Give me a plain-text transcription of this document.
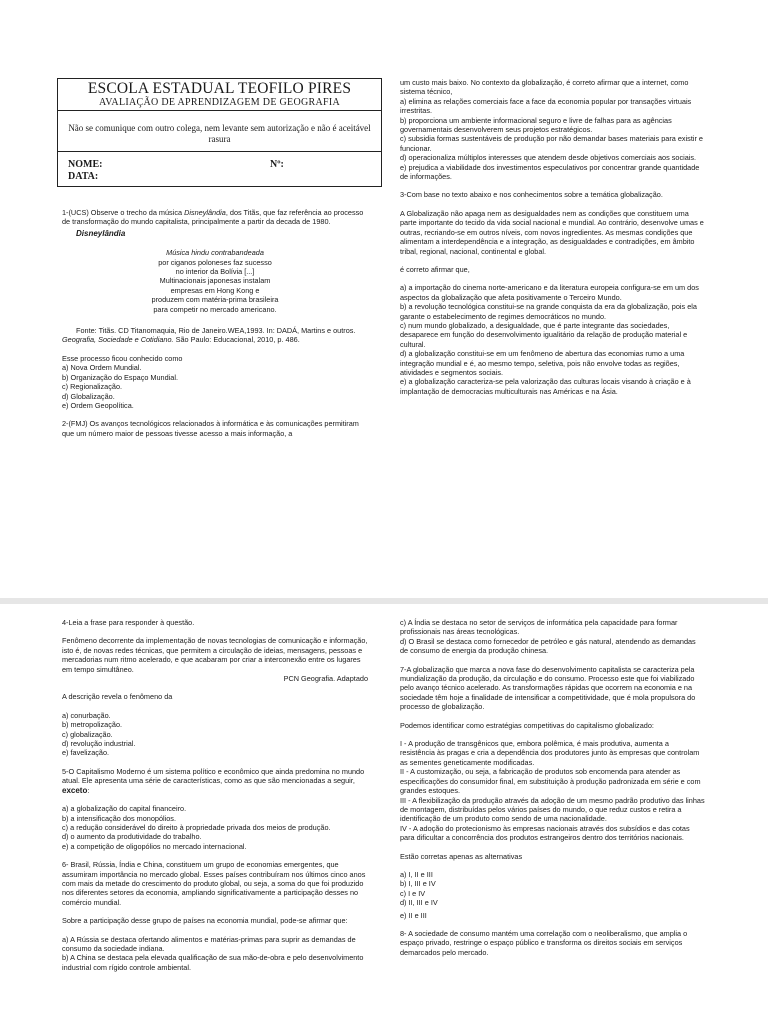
ESCOLA ESTADUAL TEOFILO PIRES
AVALIAÇÃO DE APRENDIZAGEM DE GEOGRAFIA
Não se comunique com outro colega, nem levante sem autorização e não é aceitável rasura
NOME:
DATA:
Nº:

1-(UCS) Observe o trecho da música Disneylândia, dos Titãs, que faz referência ao processo de transformação do mundo capitalista, principalmente a partir da decada de 1980.

Disneylândia
Música hindu contrabandeada
por ciganos poloneses faz sucesso
no interior da Bolívia [...]
Multinacionais japonesas instalam
empresas em Hong Kong e
produzem com matéria-prima brasileira
para competir no mercado americano.

Fonte: Titãs. CD Titanomaquia, Rio de Janeiro.WEA,1993. In: DADÁ, Martins e outros. Geografia, Sociedade e Cotidiano. São Paulo: Educacional, 2010, p. 486.

Esse processo ficou conhecido como
a) Nova Ordem Mundial.
b) Organização do Espaço Mundial.
c) Regionalização.
d) Globalização.
e) Ordem Geopolítica.
2-(FMJ) Os avanços tecnológicos relacionados à informática e às comunicações permitiram que um número maior de pessoas tivesse acesso a mais informação, a
um custo mais baixo. No contexto da globalização, é correto afirmar que a internet, como sistema técnico,
a) elimina as relações comerciais face a face da economia popular por transações virtuais irrestritas.
b) proporciona um ambiente informacional seguro e livre de falhas para as agências governamentais desenvolverem seus projetos estratégicos.
c) subsidia formas sustentáveis de produção por não demandar bases materiais para existir e funcionar.
d) operacionaliza múltiplos interesses que atendem desde objetivos comerciais aos sociais.
e) prejudica a viabilidade dos investimentos especulativos por concentrar grande quantidade de informações.

3-Com base no texto abaixo e nos conhecimentos sobre a temática globalização.

A Globalização não apaga nem as desigualdades nem as condições que constituem uma parte importante do tecido da vida social nacional e mundial. Ao contrário, desenvolve umas e outras, recriando-se em outros níveis, com novos ingredientes. As mesmas condições que alimentam a interdependência e a integração, as desigualdades e contradições, em âmbito tribal, regional, nacional, continental e global.

é correto afirmar que,

a) a importação do cinema norte-americano e da literatura europeia configura-se em um dos aspectos da globalização que afeta positivamente o Terceiro Mundo.
b) a revolução tecnológica constitui-se na grande conquista da era da globalização, pois ela garante o estabelecimento de regimes democráticos no mundo.
c) num mundo globalizado, a desigualdade, que é parte integrante das sociedades, desaparece em função do desenvolvimento igualitário da relação de produção material e cultural.
d) a globalização constitui-se em um fenômeno de abertura das economias rumo a uma integração mundial e é, ao mesmo tempo, seletiva, pois não envolve todas as regiões, atividades e segmentos sociais.
e) a globalização caracteriza-se pela valorização das culturas locais visando à criação e à implantação de democracias multiculturais nas Américas e na Ásia.

4-Leia a frase para responder à questão.

Fenômeno decorrente da implementação de novas tecnologias de comunicação e informação, isto é, de novas redes técnicas, que permitem a circulação de ideias, mensagens, pessoas e mercadorias num ritmo acelerado, e que acabaram por criar a interconexão entre os lugares em tempo simultâneo.

PCN Geografia. Adaptado

A descrição revela o fenômeno da

a) conurbação.
b) metropolização.
c) globalização.
d) revolução industrial.
e) favelização.

5-O Capitalismo Moderno é um sistema político e econômico que ainda predomina no mundo atual. Ele apresenta uma série de características, como as que são mencionadas a seguir, exceto:

a) a globalização do capital financeiro.
b) a intensificação dos monopólios.
c) a redução considerável do direito à propriedade privada dos meios de produção.
d) o aumento da produtividade do trabalho.
e) a competição de oligopólios no mercado internacional.

6- Brasil, Rússia, Índia e China, constituem um grupo de economias emergentes, que assumiram importância no mercado global. Esses países contribuíram nos últimos cinco anos com mais da metade do crescimento do produto global, ou seja, a soma do que foi produzido nos diferentes setores da economia, ampliando significativamente a participação desses no comércio mundial.

Sobre a participação desse grupo de países na economia mundial, pode-se afirmar que:

a) A Rússia se destaca ofertando alimentos e matérias-primas para suprir as demandas de consumo da sociedade indiana.
b) A China se destaca pela elevada qualificação de sua mão-de-obra e pelo desenvolvimento industrial com rígido controle ambiental.
c) A Índia se destaca no setor de serviços de informática pela capacidade para formar profissionais nas áreas tecnológicas.
d) O Brasil se destaca como fornecedor de petróleo e gás natural, atendendo as demandas de consumo de energia da produção chinesa.

7-A globalização que marca a nova fase do desenvolvimento capitalista se caracteriza pela mundialização da produção, da circulação e do consumo. Processo este que foi viabilizado pelo avanço técnico acelerado. As transformações rápidas que ocorrem na economia e na sociedade têm hoje a finalidade de intensificar a competitividade, que é mola propulsora do processo de globalização.

Podemos identificar como estratégias competitivas do capitalismo globalizado:

I - A produção de transgênicos que, embora polêmica, é mais produtiva, aumenta a resistência às pragas e cria a dependência dos produtores junto às empresas que controlam as sementes geneticamente modificadas.
II - A customização, ou seja, a fabricação de produtos sob encomenda para atender as especificações do consumidor final, em substituição à produção padronizada em série e com grandes estoques.
III - A flexibilização da produção através da adoção de um mesmo padrão produtivo das linhas de montagem, distribuídas pelos vários países do mundo, o que reduz custos e retira a identificação de um produto como sendo de uma nacionalidade.

IV - A adoção do protecionismo às empresas nacionais através dos subsídios e das cotas para dificultar a concorrência dos produtos estrangeiros dentro dos territórios nacionais.

Estão corretas apenas as alternativas

a) I, II e III
b) I, III e IV
c) I e IV
d) II, III e IV
e) II e III
8- A sociedade de consumo mantém uma correlação com o neoliberalismo, que amplia o espaço privado, restringe o espaço público e transforma os direitos sociais em serviços demarcados pelo mercado.
